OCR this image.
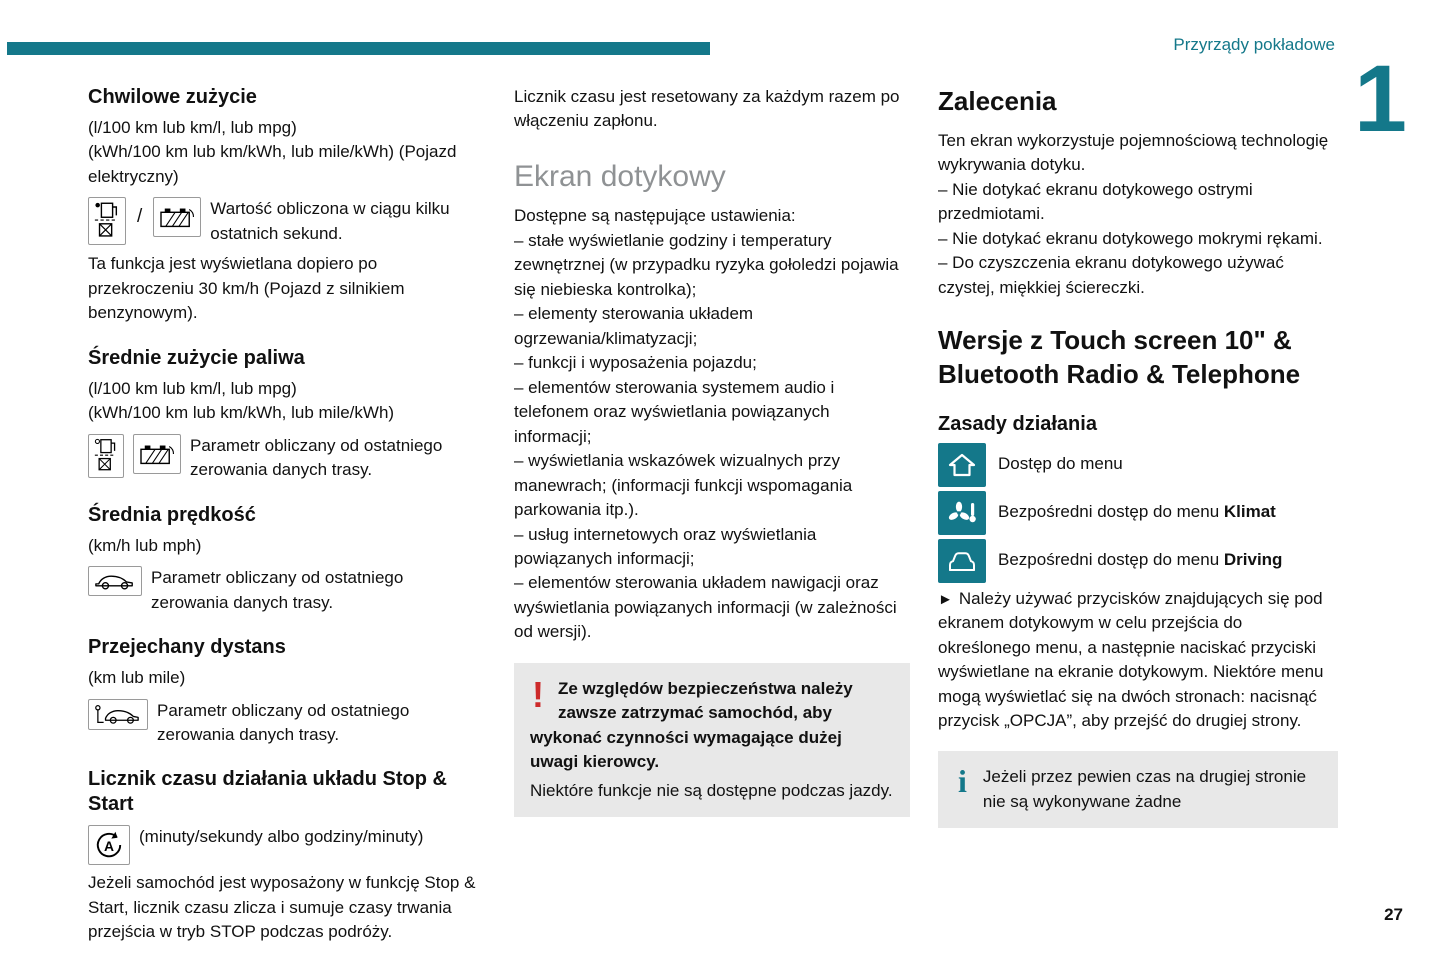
Przyrządy pokładowe
1
Chwilowe zużycie

(l/100 km lub km/l, lub mpg)

(kWh/100 km lub km/kWh, lub mile/kWh) (Pojazd elektryczny)

/	Wartość obliczona w ciągu kilku ostatnich sekund.

Ta funkcja jest wyświetlana dopiero po przekroczeniu 30 km/h (Pojazd z silnikiem benzynowym).

Średnie zużycie paliwa

(l/100 km lub km/l, lub mpg)

(kWh/100 km lub km/kWh, lub mile/kWh)

Parametr obliczany od ostatniego zerowania danych trasy.

Średnia prędkość

(km/h lub mph)

Parametr obliczany od ostatniego zerowania danych trasy.

Przejechany dystans

(km lub mile)

Parametr obliczany od ostatniego zerowania danych trasy.

Licznik czasu działania układu Stop & Start
A (minuty/sekundy albo godziny/minuty)

Jeżeli samochód jest wyposażony w funkcję Stop & Start, licznik czasu zlicza i sumuje czasy trwania przejścia w tryb STOP podczas podróży.

Licznik czasu jest resetowany za każdym razem po włączeniu zapłonu.

Ekran dotykowy

Dostępne są następujące ustawienia:

– stałe wyświetlanie godziny i temperatury zewnętrznej (w przypadku ryzyka gołoledzi pojawia się niebieska kontrolka);

– elementy sterowania układem ogrzewania/klimatyzacji;

– funkcji i wyposażenia pojazdu;

– elementów sterowania systemem audio i telefonem oraz wyświetlania powiązanych informacji;

– wyświetlania wskazówek wizualnych przy manewrach; (informacji funkcji wspomagania parkowania itp.).

– usług internetowych oraz wyświetlania powiązanych informacji;

– elementów sterowania układem nawigacji oraz wyświetlania powiązanych informacji (w zależności od wersji).

! Ze względów bezpieczeństwa należy zawsze zatrzymać samochód, aby wykonać czynności wymagające dużej uwagi kierowcy.

Niektóre funkcje nie są dostępne podczas jazdy.

Zalecenia

Ten ekran wykorzystuje pojemnościową technologię wykrywania dotyku.

– Nie dotykać ekranu dotykowego ostrymi przedmiotami.

– Nie dotykać ekranu dotykowego mokrymi rękami.

– Do czyszczenia ekranu dotykowego używać czystej, miękkiej ściereczki.

Wersje z Touch screen 10" & Bluetooth Radio & Telephone
Zasady działania

Dostęp do menu

Bezpośredni dostęp do menu Klimat

Bezpośredni dostęp do menu Driving

► Należy używać przycisków znajdujących się pod ekranem dotykowym w celu przejścia do określonego menu, a następnie naciskać przyciski wyświetlane na ekranie dotykowym. Niektóre menu mogą wyświetlać się na dwóch stronach: nacisnąć przycisk „OPCJA”, aby przejść do drugiej strony.

i Jeżeli przez pewien czas na drugiej stronie nie są wykonywane żadne

27
